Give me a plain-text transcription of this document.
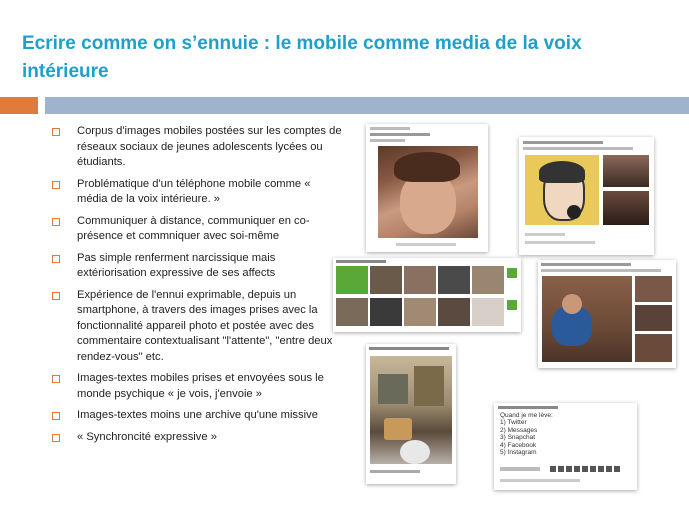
Ecrire comme on s’ennuie : le mobile comme media de la voix intérieure
Corpus d'images mobiles postées sur les comptes de réseaux sociaux de jeunes adolescents lycées ou étudiants.
Problématique d'un téléphone mobile comme « média de la voix intérieure. »
Communiquer à distance, communiquer en co-présence et commniquer avec soi-même
Pas simple renferment narcissique mais extériorisation expressive de ses affects
Expérience de l'ennui exprimable, depuis un smartphone, à travers des images prises avec la fonctionnalité appareil photo et postée avec des commentaire contextualisant "l'attente", "entre deux rendez-vous" etc.
Images-textes mobiles prises et envoyées sous le monde psychique « je vois, j'envoie »
Images-textes moins une archive qu'une missive
« Synchroncité expressive »
Quand je me lève:
1) Twitter
2) Messages
3) Snapchat
4) Facebook
5) Instagram
